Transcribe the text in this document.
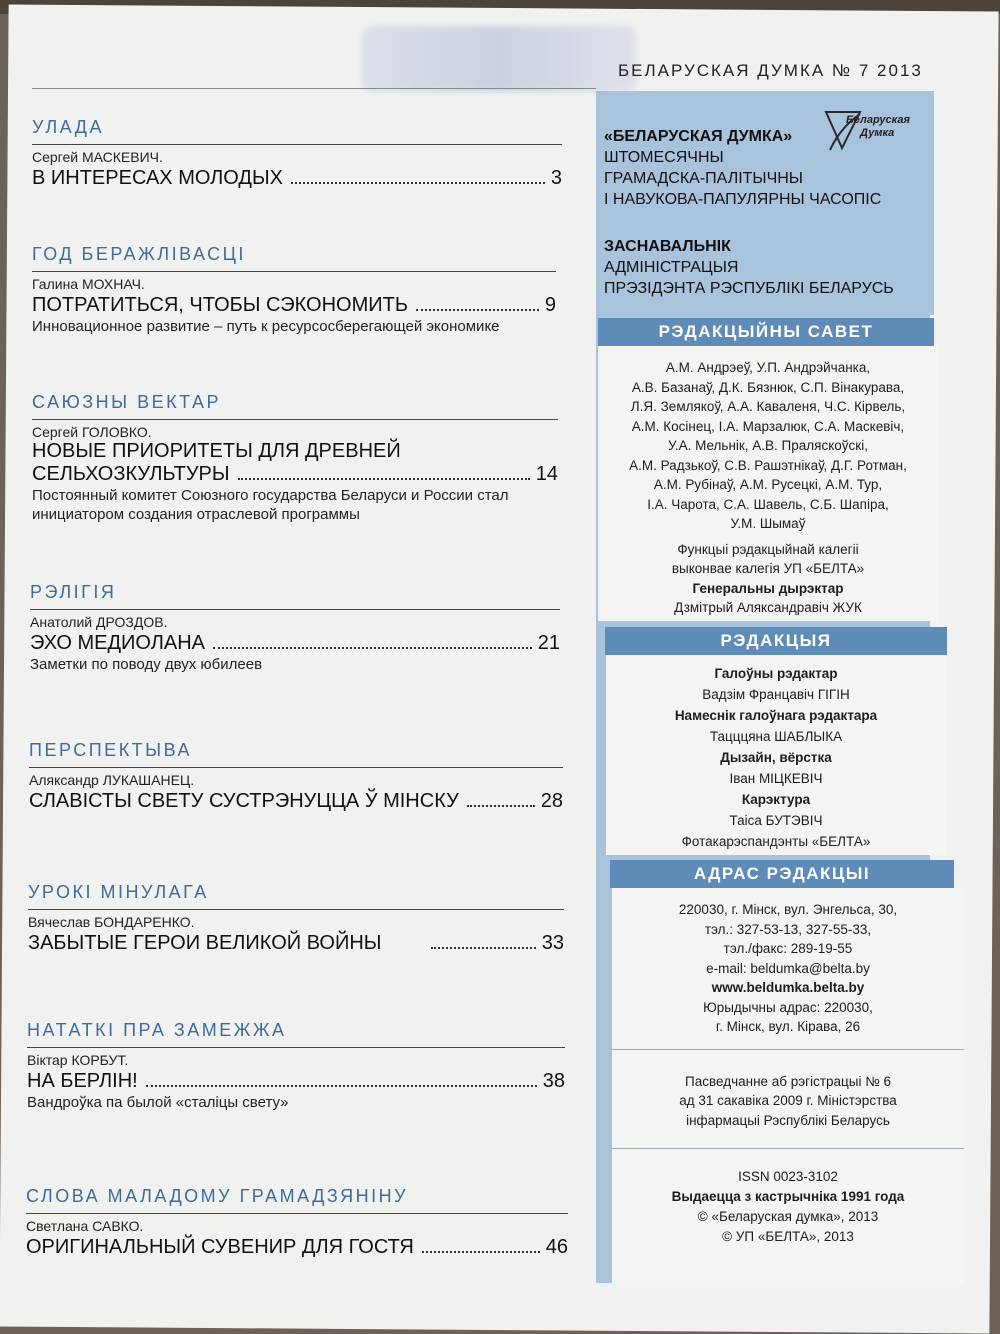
БЕЛАРУСКАЯ ДУМКА № 7 2013
УЛАДА
Сергей МАСКЕВИЧ.
В ИНТЕРЕСАХ МОЛОДЫХ	3
ГОД БЕРАЖЛІВАСЦІ
Галина МОХНАЧ.
ПОТРАТИТЬСЯ, ЧТОБЫ СЭКОНОМИТЬ	9
Инновационное развитие – путь к ресурсосберегающей экономике
САЮЗНЫ ВЕКТАР
Сергей ГОЛОВКО.
НОВЫЕ ПРИОРИТЕТЫ ДЛЯ ДРЕВНЕЙ
СЕЛЬХОЗКУЛЬТУРЫ	14
Постоянный комитет Союзного государства Беларуси и России стал инициатором создания отраслевой программы
РЭЛІГІЯ
Анатолий ДРОЗДОВ.
ЭХО МЕДИОЛАНА	21
Заметки по поводу двух юбилеев
ПЕРСПЕКТЫВА
Аляксандр ЛУКАШАНЕЦ.
СЛАВІСТЫ СВЕТУ СУСТРЭНУЦЦА Ў МІНСКУ	28
УРОКІ МІНУЛАГА
Вячеслав БОНДАРЕНКО.
ЗАБЫТЫЕ ГЕРОИ ВЕЛИКОЙ ВОЙНЫ	33
НАТАТКІ ПРА ЗАМЕЖЖА
Віктар КОРБУТ.
НА БЕРЛІН!	38
Вандроўка па былой «сталіцы свету»
СЛОВА МАЛАДОМУ ГРАМАДЗЯНІНУ
Светлана САВКО.
ОРИГИНАЛЬНЫЙ СУВЕНИР ДЛЯ ГОСТЯ	46
«БЕЛАРУСКАЯ ДУМКА»
ШТОМЕСЯЧНЫ
ГРАМАДСКА-ПАЛІТЫЧНЫ
І НАВУКОВА-ПАПУЛЯРНЫ ЧАСОПІС
ЗАСНАВАЛЬНІК
АДМІНІСТРАЦЫЯ
ПРЭЗІДЭНТА РЭСПУБЛІКІ БЕЛАРУСЬ
Беларуская
Думка
РЭДАКЦЫЙНЫ САВЕТ
А.М. Андрэеў, У.П. Андрэйчанка,
А.В. Базанаў, Д.К. Бязнюк, С.П. Вінакурава,
Л.Я. Землякоў, А.А. Каваленя, Ч.С. Кірвель,
А.М. Косінец, І.А. Марзалюк, С.А. Маскевіч,
У.А. Мельнік, А.В. Праляскоўскі,
А.М. Радзькоў, С.В. Рашэтнікаў, Д.Г. Ротман,
А.М. Рубінаў, А.М. Русецкі, А.М. Тур,
І.А. Чарота, С.А. Шавель, С.Б. Шапіра,
У.М. Шымаў
Функцыі рэдакцыйнай калегіі
выконвае калегія УП «БЕЛТА»
Генеральны дырэктар
Дзмітрый Аляксандравіч ЖУК
РЭДАКЦЫЯ
Галоўны рэдактар
Вадзім Францавіч ГІГІН
Намеснік галоўнага рэдактара
Тацццяна ШАБЛЫКА
Дызайн, вёрстка
Іван МІЦКЕВІЧ
Карэктура
Таіса БУТЭВІЧ
Фотакарэспандэнты «БЕЛТА»
АДРАС РЭДАКЦЫІ
220030, г. Мінск, вул. Энгельса, 30,
тэл.: 327-53-13, 327-55-33,
тэл./факс: 289-19-55
e-mail: beldumka@belta.by
www.beldumka.belta.by
Юрыдычны адрас: 220030,
г. Мінск, вул. Кірава, 26
Пасведчанне аб рэгістрацыі № 6
ад 31 сакавіка 2009 г. Міністэрства
інфармацыі Рэспублікі Беларусь
ISSN 0023-3102
Выдаецца з кастрычніка 1991 года
© «Беларуская думка», 2013
© УП «БЕЛТА», 2013
